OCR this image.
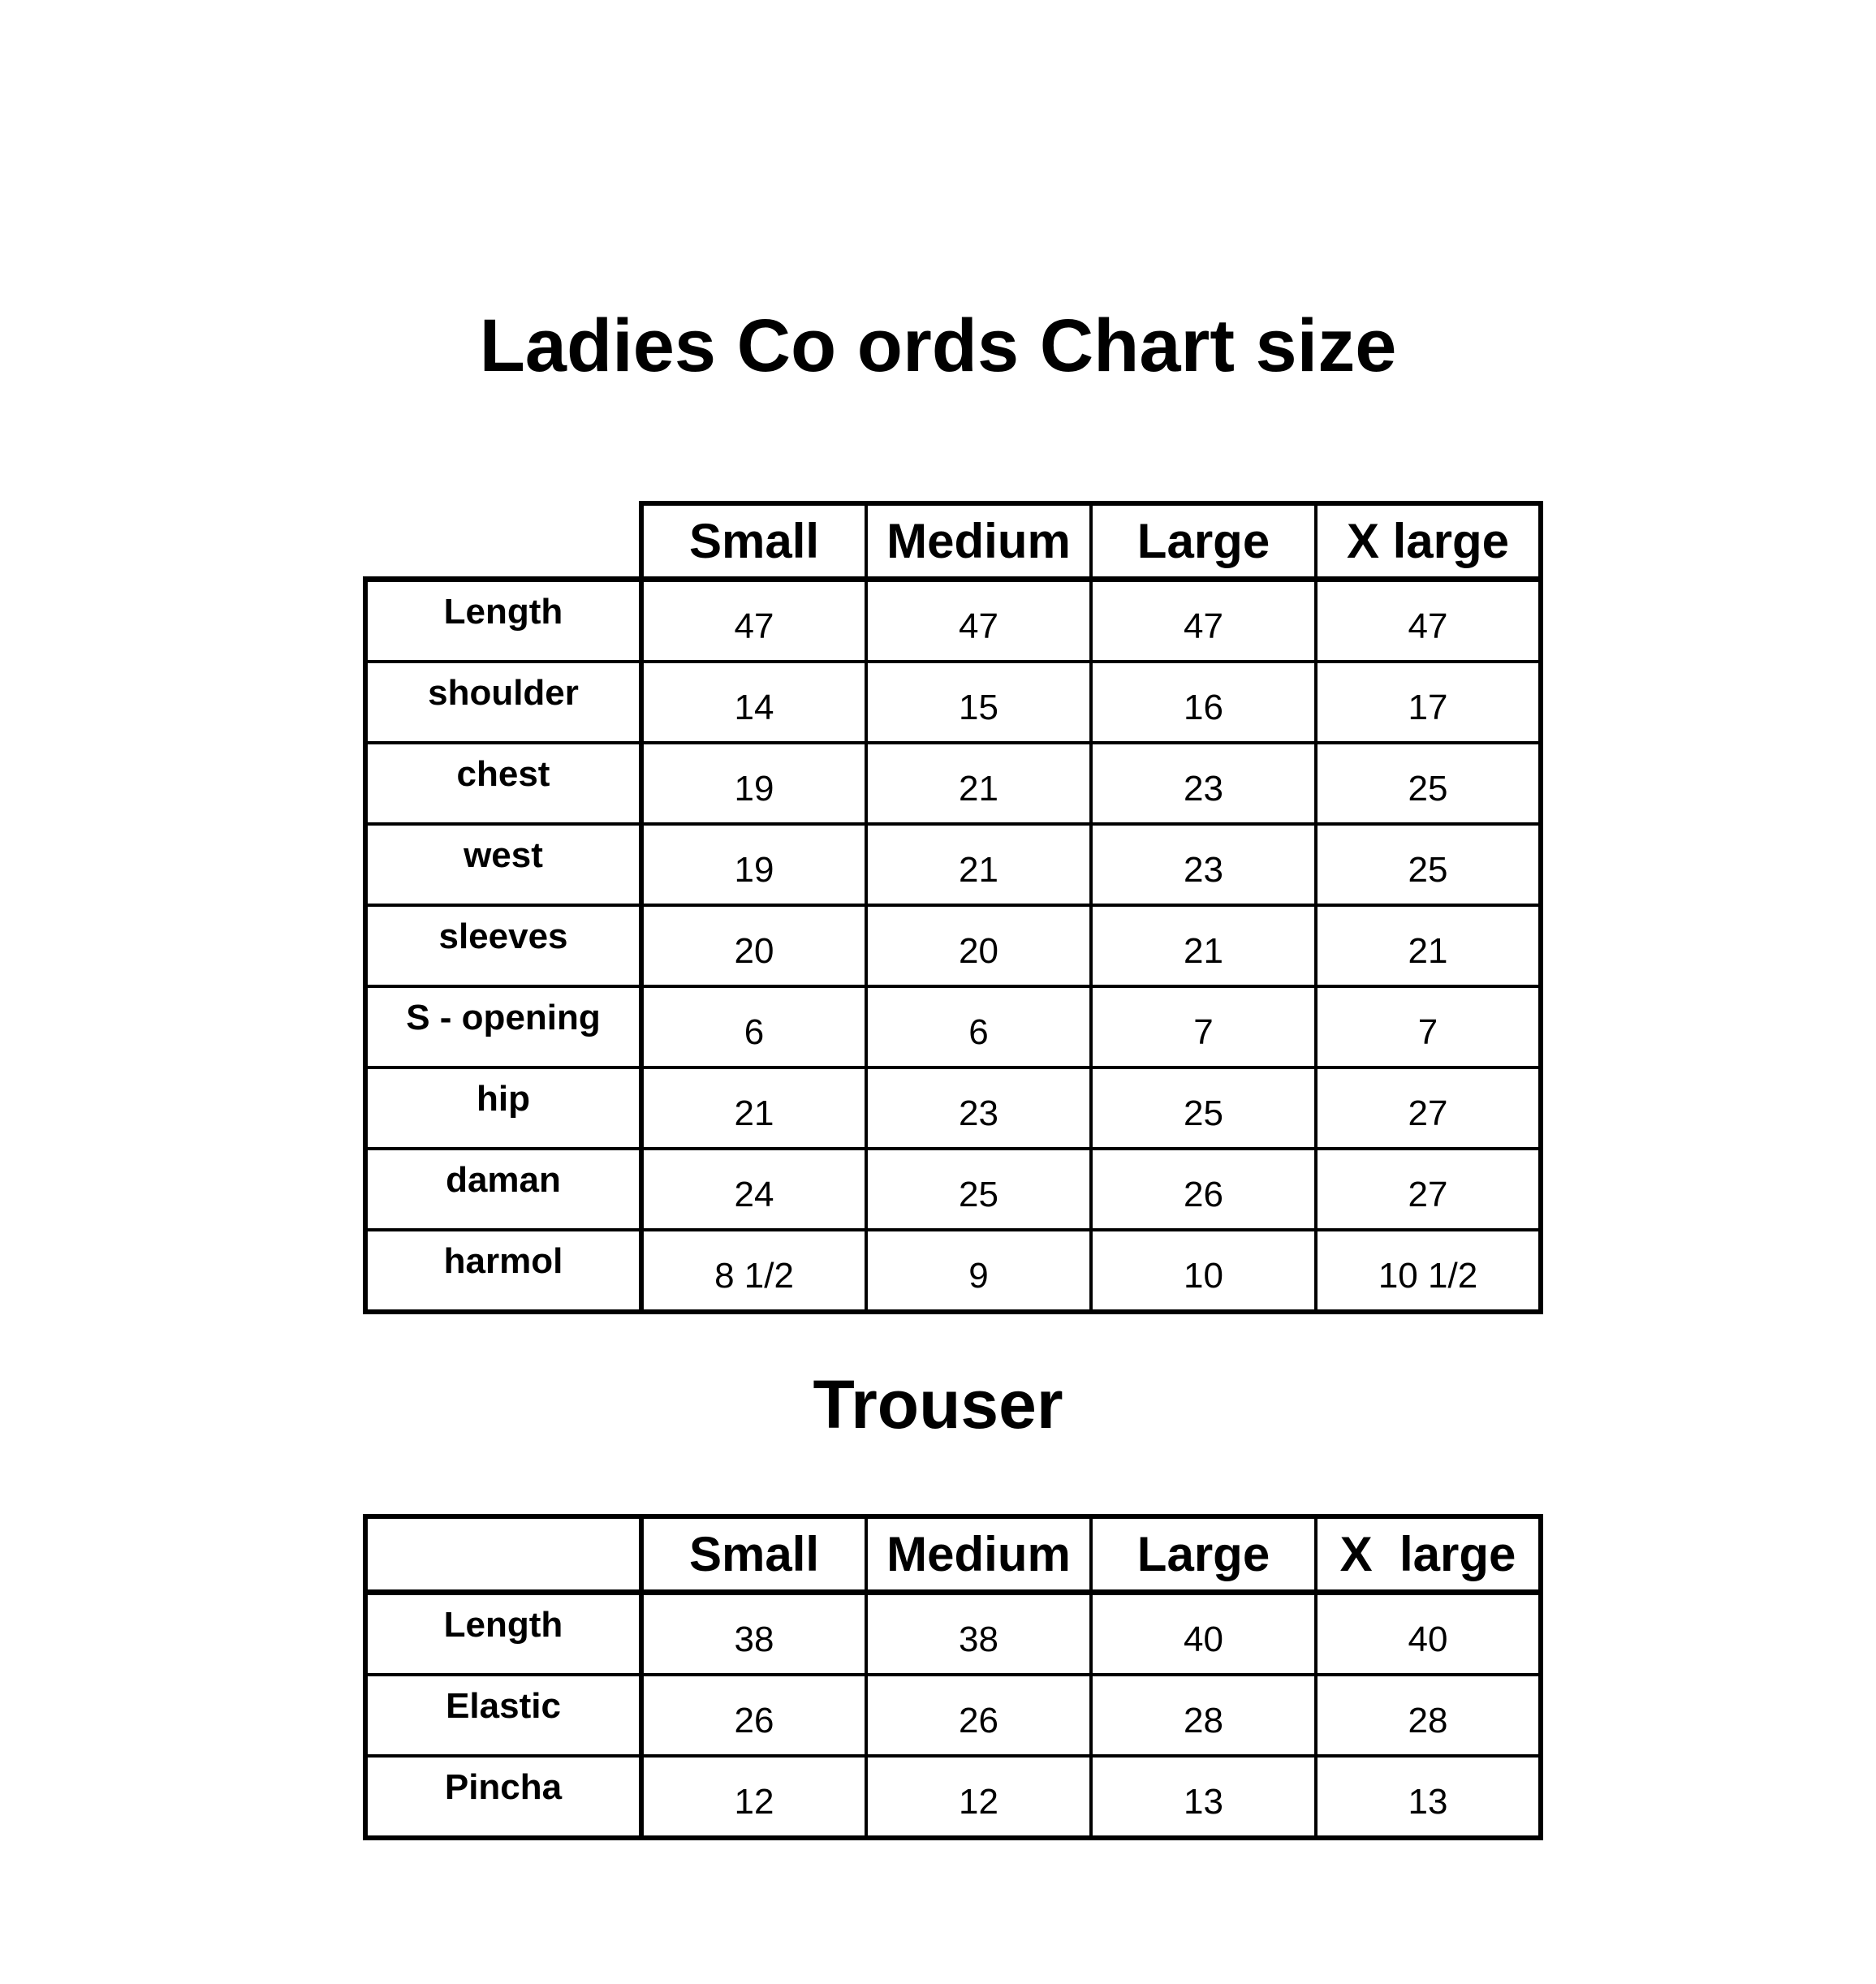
Ladies Co ords Chart size
	Small	Medium	Large	X large
Length	47	47	47	47
shoulder	14	15	16	17
chest	19	21	23	25
west	19	21	23	25
sleeves	20	20	21	21
S - opening	6	6	7	7
hip	21	23	25	27
daman	24	25	26	27
harmol	8 1/2	9	10	10 1/2
Trouser
	Small	Medium	Large	X  large
Length	38	38	40	40
Elastic	26	26	28	28
Pincha	12	12	13	13
